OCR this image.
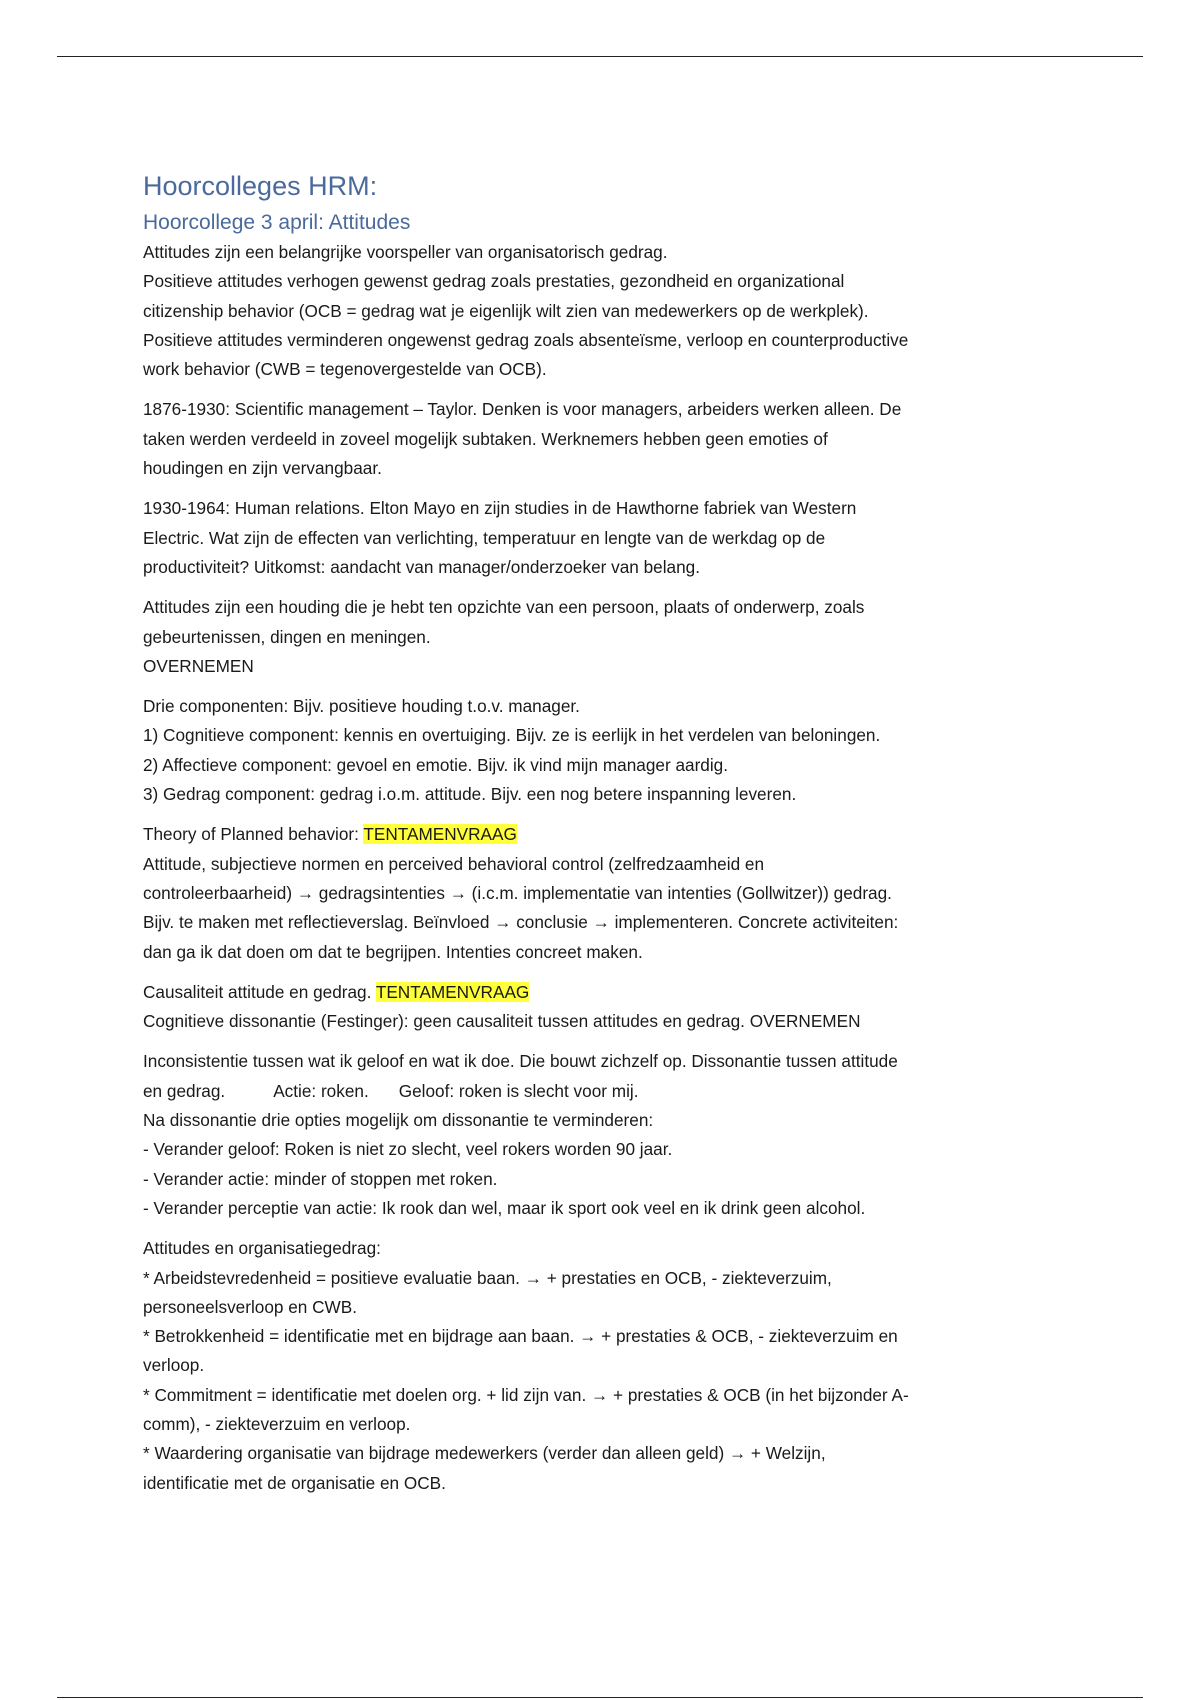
Hoorcolleges HRM:
Hoorcollege 3 april: Attitudes
Attitudes zijn een belangrijke voorspeller van organisatorisch gedrag.
Positieve attitudes verhogen gewenst gedrag zoals prestaties, gezondheid en organizational
citizenship behavior (OCB = gedrag wat je eigenlijk wilt zien van medewerkers op de werkplek).
Positieve attitudes verminderen ongewenst gedrag zoals absenteïsme, verloop en counterproductive
work behavior (CWB = tegenovergestelde van OCB).
1876-1930: Scientific management – Taylor. Denken is voor managers, arbeiders werken alleen. De
taken werden verdeeld in zoveel mogelijk subtaken. Werknemers hebben geen emoties of
houdingen en zijn vervangbaar.
1930-1964: Human relations. Elton Mayo en zijn studies in de Hawthorne fabriek van Western
Electric. Wat zijn de effecten van verlichting, temperatuur en lengte van de werkdag op de
productiviteit? Uitkomst: aandacht van manager/onderzoeker van belang.
Attitudes zijn een houding die je hebt ten opzichte van een persoon, plaats of onderwerp, zoals
gebeurtenissen, dingen en meningen.
OVERNEMEN
Drie componenten: Bijv. positieve houding t.o.v. manager.
1) Cognitieve component: kennis en overtuiging. Bijv. ze is eerlijk in het verdelen van beloningen.
2) Affectieve component: gevoel en emotie. Bijv. ik vind mijn manager aardig.
3) Gedrag component: gedrag i.o.m. attitude. Bijv. een nog betere inspanning leveren.
Theory of Planned behavior: TENTAMENVRAAG
Attitude, subjectieve normen en perceived behavioral control (zelfredzaamheid en
controleerbaarheid) → gedragsintenties → (i.c.m. implementatie van intenties (Gollwitzer)) gedrag.
Bijv. te maken met reflectieverslag. Beïnvloed → conclusie → implementeren. Concrete activiteiten:
dan ga ik dat doen om dat te begrijpen. Intenties concreet maken.
Causaliteit attitude en gedrag. TENTAMENVRAAG
Cognitieve dissonantie (Festinger): geen causaliteit tussen attitudes en gedrag. OVERNEMEN
Inconsistentie tussen wat ik geloof en wat ik doe. Die bouwt zichzelf op. Dissonantie tussen attitude
en gedrag.	Actie: roken. Geloof: roken is slecht voor mij.
Na dissonantie drie opties mogelijk om dissonantie te verminderen:
- Verander geloof: Roken is niet zo slecht, veel rokers worden 90 jaar.
- Verander actie: minder of stoppen met roken.
- Verander perceptie van actie: Ik rook dan wel, maar ik sport ook veel en ik drink geen alcohol.
Attitudes en organisatiegedrag:
* Arbeidstevredenheid = positieve evaluatie baan. → + prestaties en OCB, - ziekteverzuim,
personeelsverloop en CWB.
* Betrokkenheid = identificatie met en bijdrage aan baan. → + prestaties & OCB, - ziekteverzuim en
verloop.
* Commitment = identificatie met doelen org. + lid zijn van. → + prestaties & OCB (in het bijzonder A-
comm), - ziekteverzuim en verloop.
* Waardering organisatie van bijdrage medewerkers (verder dan alleen geld) → + Welzijn,
identificatie met de organisatie en OCB.
